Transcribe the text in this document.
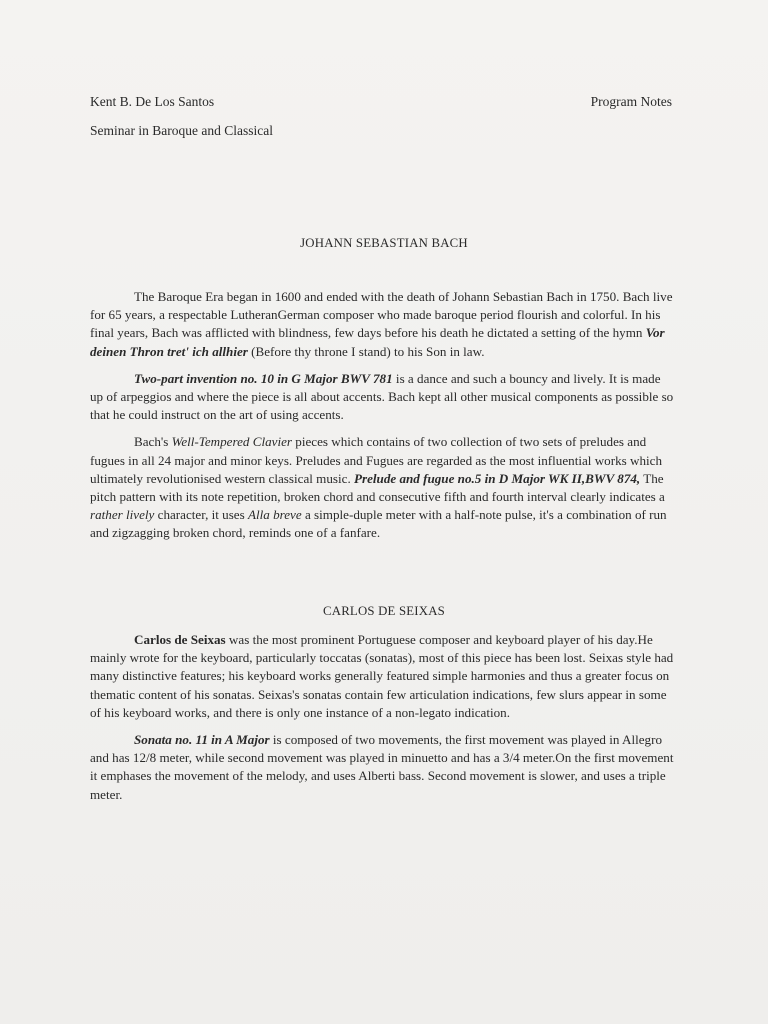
Kent B. De Los Santos
Seminar in Baroque and Classical
Program Notes
JOHANN SEBASTIAN BACH

The Baroque Era began in 1600 and ended with the death of Johann Sebastian Bach in 1750. Bach live for 65 years, a respectable LutheranGerman composer who made baroque period flourish and colorful. In his final years, Bach was afflicted with blindness, few days before his death he dictated a setting of the hymn Vor deinen Thron tret' ich allhier (Before thy throne I stand) to his Son in law.

Two-part invention no. 10 in G Major BWV 781 is a dance and such a bouncy and lively. It is made up of arpeggios and where the piece is all about accents. Bach kept all other musical components as possible so that he could instruct on the art of using accents.

Bach's Well-Tempered Clavier pieces which contains of two collection of two sets of preludes and fugues in all 24 major and minor keys. Preludes and Fugues are regarded as the most influential works which ultimately revolutionised western classical music. Prelude and fugue no.5 in D Major WK II,BWV 874, The pitch pattern with its note repetition, broken chord and consecutive fifth and fourth interval clearly indicates a rather lively character, it uses Alla breve a simple-duple meter with a half-note pulse, it's a combination of run and zigzagging broken chord, reminds one of a fanfare.

CARLOS DE SEIXAS

Carlos de Seixas was the most prominent Portuguese composer and keyboard player of his day.He mainly wrote for the keyboard, particularly toccatas (sonatas), most of this piece has been lost. Seixas style had many distinctive features; his keyboard works generally featured simple harmonies and thus a greater focus on thematic content of his sonatas. Seixas's sonatas contain few articulation indications, few slurs appear in some of his keyboard works, and there is only one instance of a non-legato indication.

Sonata no. 11 in A Major is composed of two movements, the first movement was played in Allegro and has 12/8 meter, while second movement was played in minuetto and has a 3/4 meter.On the first movement it emphases the movement of the melody, and uses Alberti bass. Second movement is slower, and uses a triple meter.
